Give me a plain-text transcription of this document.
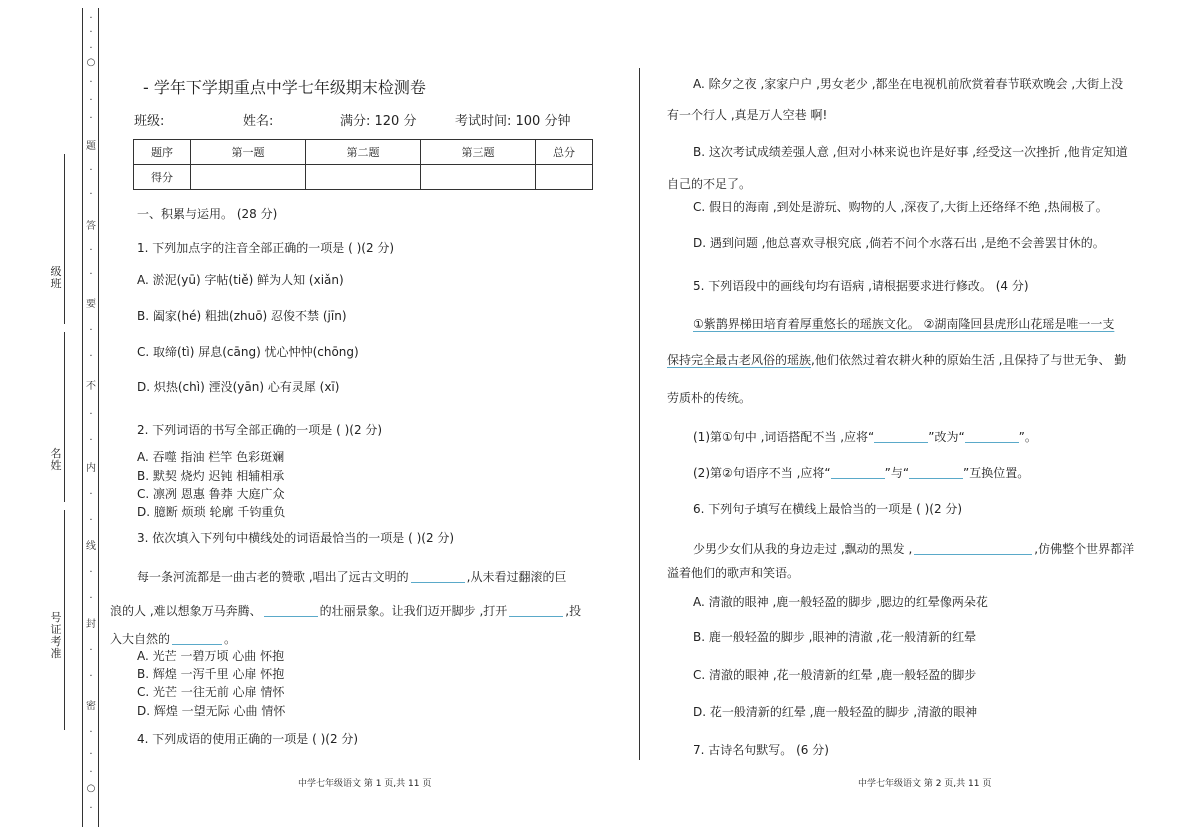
·
·
·
○
·
·
·
题
·
·
答
·
·
要
·
·
不
·
·
内
·
·
线
·
·
封
·
·
密
·
·
·
○
·
级班
名姓
号证考准
- 学年下学期重点中学七年级期末检测卷
班级:	姓名:	满分: 120 分	考试时间: 100 分钟
题序	第一题	第二题	第三题	总分
得分				
一、积累与运用。 (28 分)
1. 下列加点字的注音全部正确的一项是 ( )(2 分)
A. 淤泥(yū) 字帖(tiě) 鲜为人知 (xiǎn)
B. 阖家(hé) 粗拙(zhuō) 忍俊不禁 (jīn)
C. 取缔(tì) 屏息(cāng) 忧心忡忡(chōng)
D. 炽热(chì) 湮没(yān) 心有灵犀 (xī)
2. 下列词语的书写全部正确的一项是 ( )(2 分)
A. 吞噬 指油 栏竿 色彩斑斓
B. 默契 烧灼 迟钝 相辅相承
C. 凛冽 恩惠 鲁莽 大庭广众
D. 臆断 烦琐 轮廓 千钧重负
3. 依次填入下列句中横线处的词语最恰当的一项是 ( )(2 分)
每一条河流都是一曲古老的赞歌 ,唱出了远古文明的	,从未看过翻滚的巨
浪的人 ,难以想象万马奔腾、	的壮丽景象。让我们迈开脚步 ,打开	,投
入大自然的	。
A. 光芒 一碧万顷 心曲 怀抱
B. 辉煌 一泻千里 心扉 怀抱
C. 光芒 一往无前 心扉 情怀
D. 辉煌 一望无际 心曲 情怀
4. 下列成语的使用正确的一项是 ( )(2 分)
中学七年级语文 第 1 页,共 11 页
A. 除夕之夜 ,家家户户 ,男女老少 ,都坐在电视机前欣赏着春节联欢晚会 ,大街上没
有一个行人 ,真是万人空巷 啊!
B. 这次考试成绩差强人意 ,但对小林来说也许是好事 ,经受这一次挫折 ,他肯定知道
自己的不足了。
C. 假日的海南 ,到处是游玩、购物的人 ,深夜了,大街上还络绎不绝 ,热闹极了。
D. 遇到问题 ,他总喜欢寻根究底 ,倘若不问个水落石出 ,是绝不会善罢甘休的。
5. 下列语段中的画线句均有语病 ,请根据要求进行修改。 (4 分)
①紫鹊界梯田培育着厚重悠长的瑶族文化。 ②湖南隆回县虎形山花瑶是唯一一支
保持完全最古老风俗的瑶族,他们依然过着农耕火种的原始生活 ,且保持了与世无争、 勤
劳质朴的传统。
(1)第①句中 ,词语搭配不当 ,应将“	”改为“	”。
(2)第②句语序不当 ,应将“	”与“	”互换位置。
6. 下列句子填写在横线上最恰当的一项是 ( )(2 分)
少男少女们从我的身边走过 ,飘动的黑发 ,	,仿佛整个世界都洋
溢着他们的歌声和笑语。
A. 清澈的眼神 ,鹿一般轻盈的脚步 ,腮边的红晕像两朵花
B. 鹿一般轻盈的脚步 ,眼神的清澈 ,花一般清新的红晕
C. 清澈的眼神 ,花一般清新的红晕 ,鹿一般轻盈的脚步
D. 花一般清新的红晕 ,鹿一般轻盈的脚步 ,清澈的眼神
7. 古诗名句默写。 (6 分)
中学七年级语文 第 2 页,共 11 页
